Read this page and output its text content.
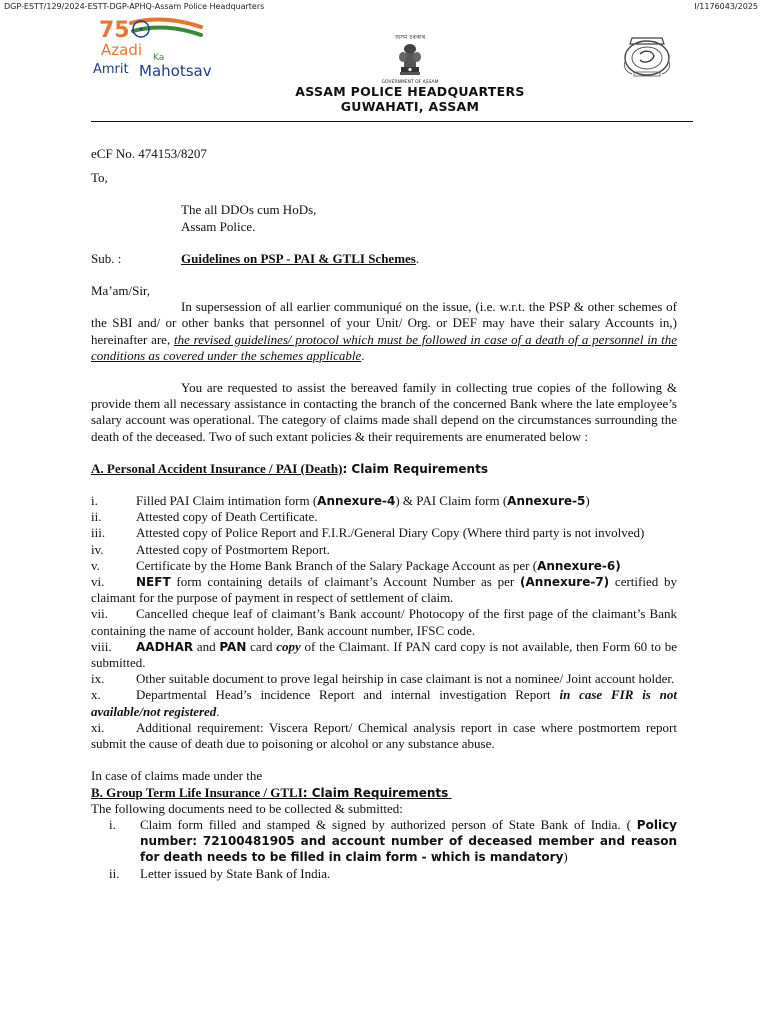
DGP-ESTT/129/2024-ESTT-DGP-APHQ-Assam Police Headquarters	I/1176043/2025
75
Azadi Ka
Amrit Mahotsav
অসম চৰকাৰ
GOVERNMENT OF ASSAM
ASSAM POLICE HEADQUARTERS
GUWAHATI, ASSAM

eCF No. 474153/8207

To,

The all DDOs cum HoDs,

Assam Police.

Sub. :	Guidelines on PSP - PAI & GTLI Schemes.

Ma’am/Sir,

In supersession of all earlier communiqué on the issue, (i.e. w.r.t. the PSP & other schemes of the SBI and/ or other banks that personnel of your Unit/ Org. or DEF may have their salary Accounts in,) hereinafter are, the revised guidelines/ protocol which must be followed in case of a death of a personnel in the conditions as covered under the schemes applicable.

You are requested to assist the bereaved family in collecting true copies of the following & provide them all necessary assistance in contacting the branch of the concerned Bank where the late employee’s salary account was operational. The category of claims made shall depend on the circumstances surrounding the death of the deceased. Two of such extant policies & their requirements are enumerated below :

A. Personal Accident Insurance / PAI (Death): Claim Requirements

i.	Filled PAI Claim intimation form (Annexure-4) & PAI Claim form (Annexure-5)
ii.	Attested copy of Death Certificate.
iii. Attested copy of Police Report and F.I.R./General Diary Copy (Where third party is not involved)
iv. Attested copy of Postmortem Report.
v.	Certificate by the Home Bank Branch of the Salary Package Account as per (Annexure-6)
vi.	NEFT form containing details of claimant’s Account Number as per (Annexure-7) certified by claimant for the purpose of payment in respect of settlement of claim.
vii. Cancelled cheque leaf of claimant’s Bank account/ Photocopy of the first page of the claimant’s Bank containing the name of account holder, Bank account number, IFSC code.
viii. AADHAR and PAN card copy of the Claimant. If PAN card copy is not available, then Form 60 to be submitted.
ix. Other suitable document to prove legal heirship in case claimant is not a nominee/ Joint account holder.
x.	Departmental Head’s incidence Report and internal investigation Report in case FIR is not available/not registered.
xi. Additional requirement: Viscera Report/ Chemical analysis report in case where postmortem report submit the cause of death due to poisoning or alcohol or any substance abuse.

In case of claims made under the

B. Group Term Life Insurance / GTLI: Claim Requirements

The following documents need to be collected & submitted:

i.	Claim form filled and stamped & signed by authorized person of State Bank of India. ( Policy number: 72100481905 and account number of deceased member and reason for death needs to be filled in claim form - which is mandatory)
ii.	Letter issued by State Bank of India.
